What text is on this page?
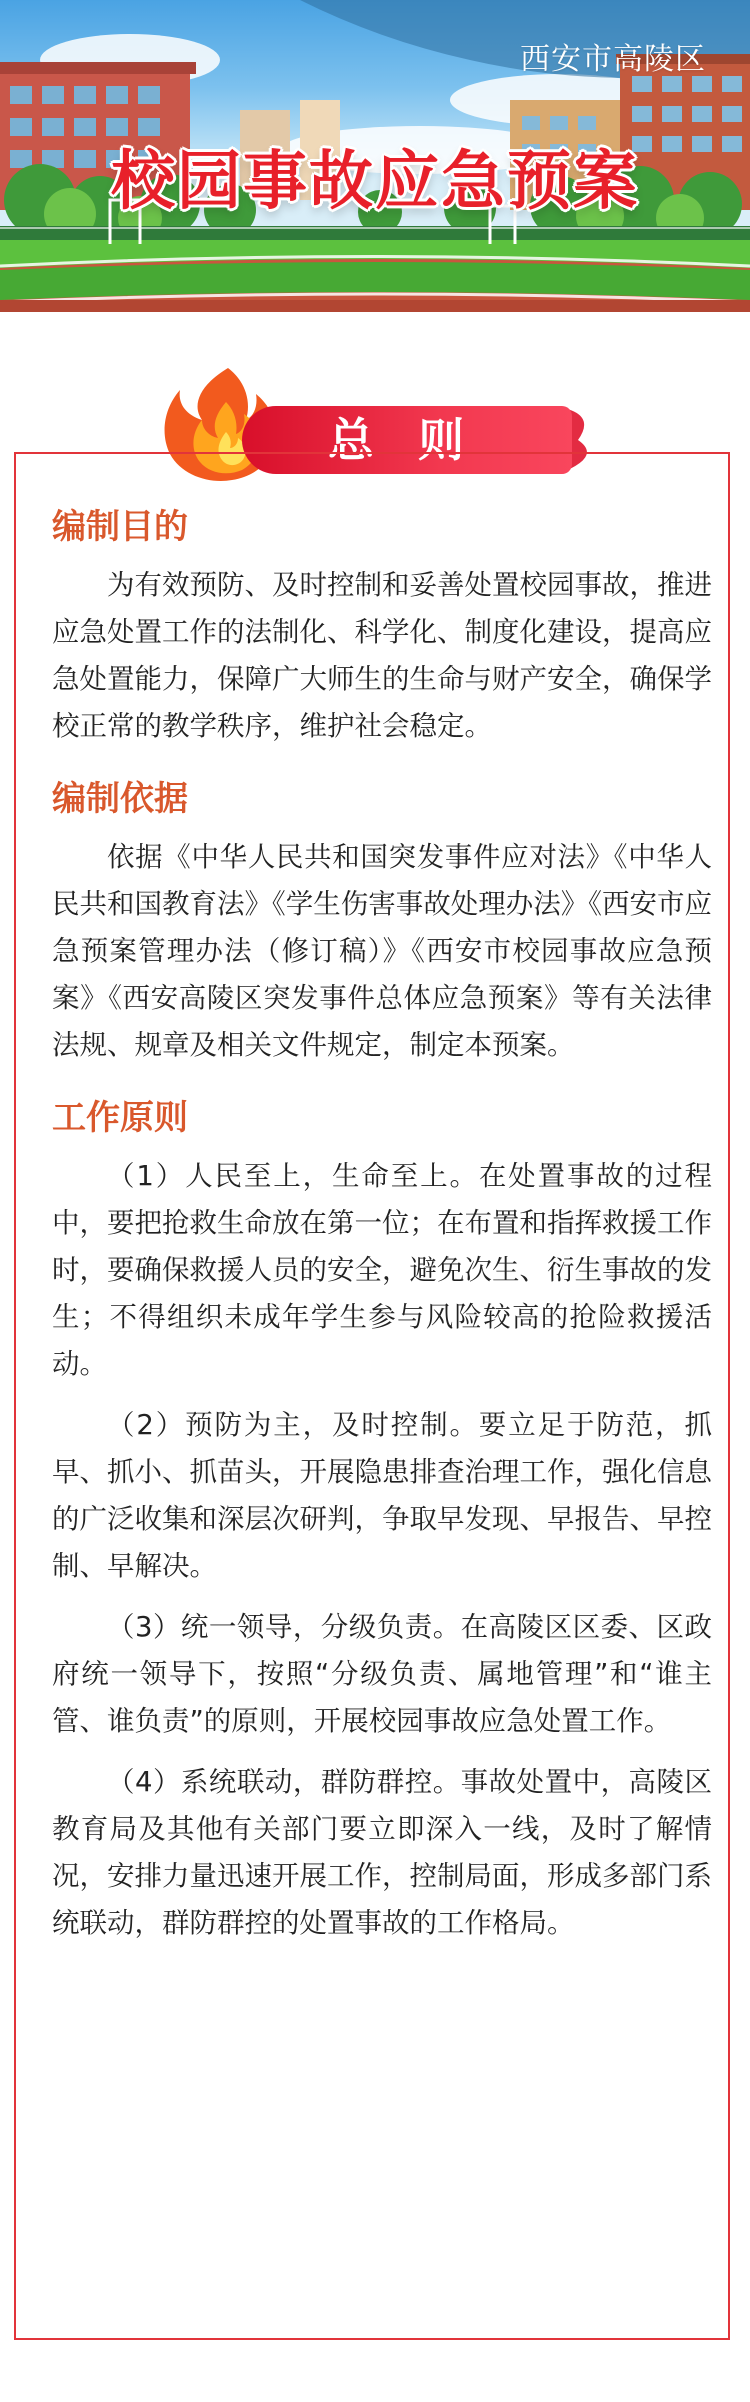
西安市高陵区
校园事故应急预案
总 则
编制目的

为有效预防、及时控制和妥善处置校园事故，推进应急处置工作的法制化、科学化、制度化建设，提高应急处置能力，保障广大师生的生命与财产安全，确保学校正常的教学秩序，维护社会稳定。

编制依据

依据《中华人民共和国突发事件应对法》《中华人民共和国教育法》《学生伤害事故处理办法》《西安市应急预案管理办法（修订稿）》《西安市校园事故应急预案》《西安高陵区突发事件总体应急预案》等有关法律法规、规章及相关文件规定，制定本预案。

工作原则

（1）人民至上，生命至上。在处置事故的过程中，要把抢救生命放在第一位；在布置和指挥救援工作时，要确保救援人员的安全，避免次生、衍生事故的发生；不得组织未成年学生参与风险较高的抢险救援活动。

（2）预防为主，及时控制。要立足于防范，抓早、抓小、抓苗头，开展隐患排查治理工作，强化信息的广泛收集和深层次研判，争取早发现、早报告、早控制、早解决。

（3）统一领导，分级负责。在高陵区区委、区政府统一领导下，按照“分级负责、属地管理”和“谁主管、谁负责”的原则，开展校园事故应急处置工作。

（4）系统联动，群防群控。事故处置中，高陵区教育局及其他有关部门要立即深入一线，及时了解情况，安排力量迅速开展工作，控制局面，形成多部门系统联动，群防群控的处置事故的工作格局。
